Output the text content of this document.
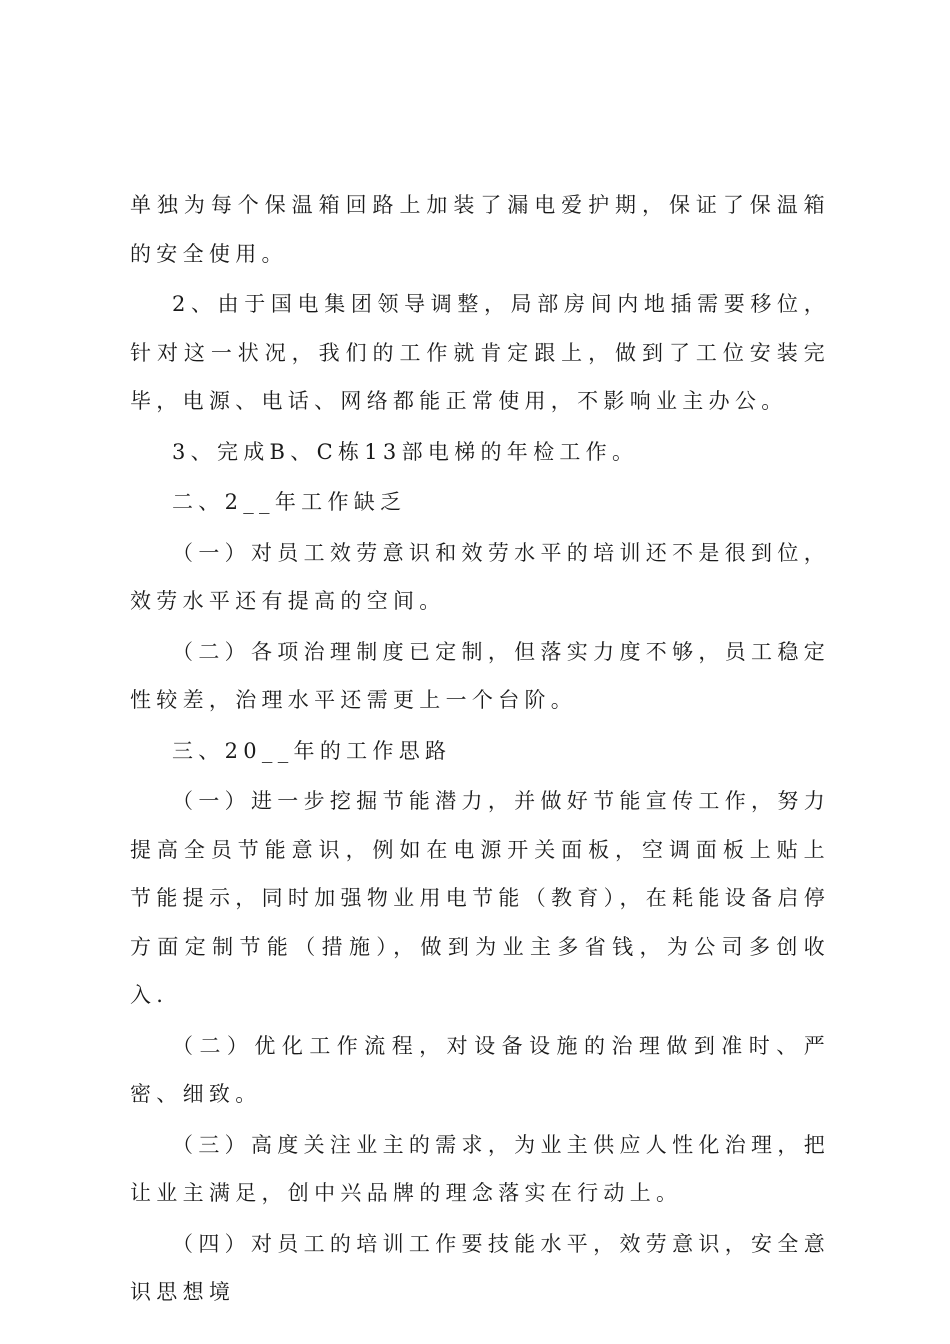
单独为每个保温箱回路上加装了漏电爱护期，保证了保温箱的安全使用。

2、由于国电集团领导调整，局部房间内地插需要移位，针对这一状况，我们的工作就肯定跟上，做到了工位安装完毕，电源、电话、网络都能正常使用，不影响业主办公。

3、完成B、C栋13部电梯的年检工作。

二、2__年工作缺乏

（一）对员工效劳意识和效劳水平的培训还不是很到位，效劳水平还有提高的空间。

（二）各项治理制度已定制，但落实力度不够，员工稳定性较差，治理水平还需更上一个台阶。

三、20__年的工作思路

（一）进一步挖掘节能潜力，并做好节能宣传工作，努力提高全员节能意识，例如在电源开关面板，空调面板上贴上节能提示，同时加强物业用电节能（教育），在耗能设备启停方面定制节能（措施），做到为业主多省钱，为公司多创收入.

（二）优化工作流程，对设备设施的治理做到准时、严密、细致。

（三）高度关注业主的需求，为业主供应人性化治理，把让业主满足，创中兴品牌的理念落实在行动上。

（四）对员工的培训工作要技能水平，效劳意识，安全意识思想境
